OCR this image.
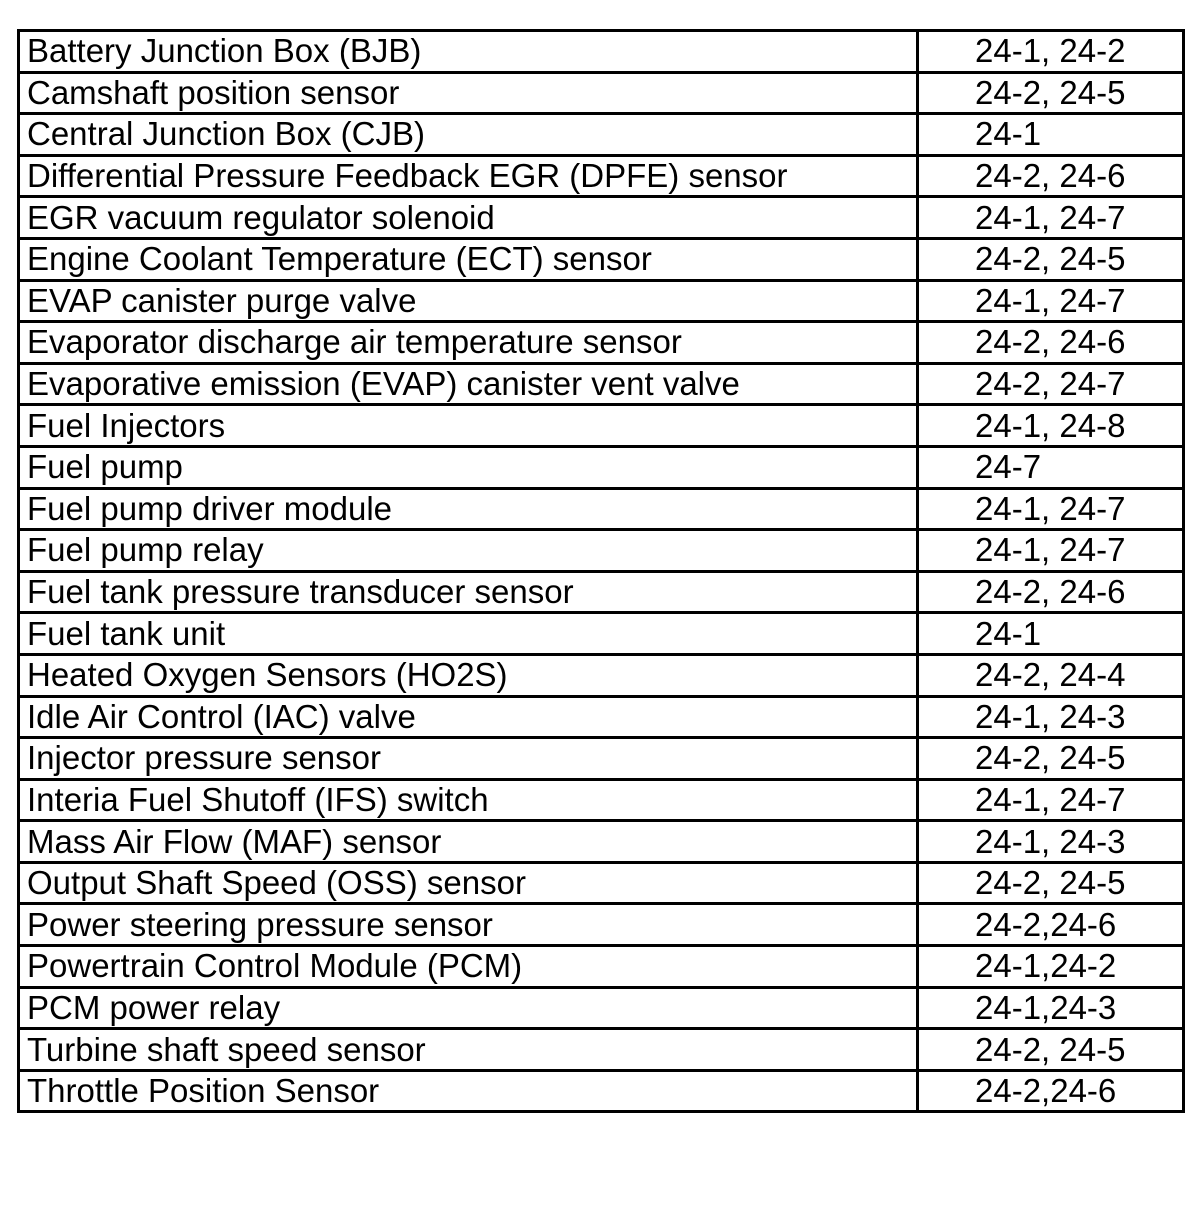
Battery Junction Box (BJB)	24-1, 24-2
Camshaft position sensor	24-2, 24-5
Central Junction Box (CJB)	24-1
Differential Pressure Feedback EGR (DPFE) sensor	24-2, 24-6
EGR vacuum regulator solenoid	24-1, 24-7
Engine Coolant Temperature (ECT) sensor	24-2, 24-5
EVAP canister purge valve	24-1, 24-7
Evaporator discharge air temperature sensor	24-2, 24-6
Evaporative emission (EVAP) canister vent valve	24-2, 24-7
Fuel Injectors	24-1, 24-8
Fuel pump	24-7
Fuel pump driver module	24-1, 24-7
Fuel pump relay	24-1, 24-7
Fuel tank pressure transducer sensor	24-2, 24-6
Fuel tank unit	24-1
Heated Oxygen Sensors (HO2S)	24-2, 24-4
Idle Air Control (IAC) valve	24-1, 24-3
Injector pressure sensor	24-2, 24-5
Interia Fuel Shutoff (IFS) switch	24-1, 24-7
Mass Air Flow (MAF) sensor	24-1, 24-3
Output Shaft Speed (OSS) sensor	24-2, 24-5
Power steering pressure sensor	24-2,24-6
Powertrain Control Module (PCM)	24-1,24-2
PCM power relay	24-1,24-3
Turbine shaft speed sensor	24-2, 24-5
Throttle Position Sensor	24-2,24-6
